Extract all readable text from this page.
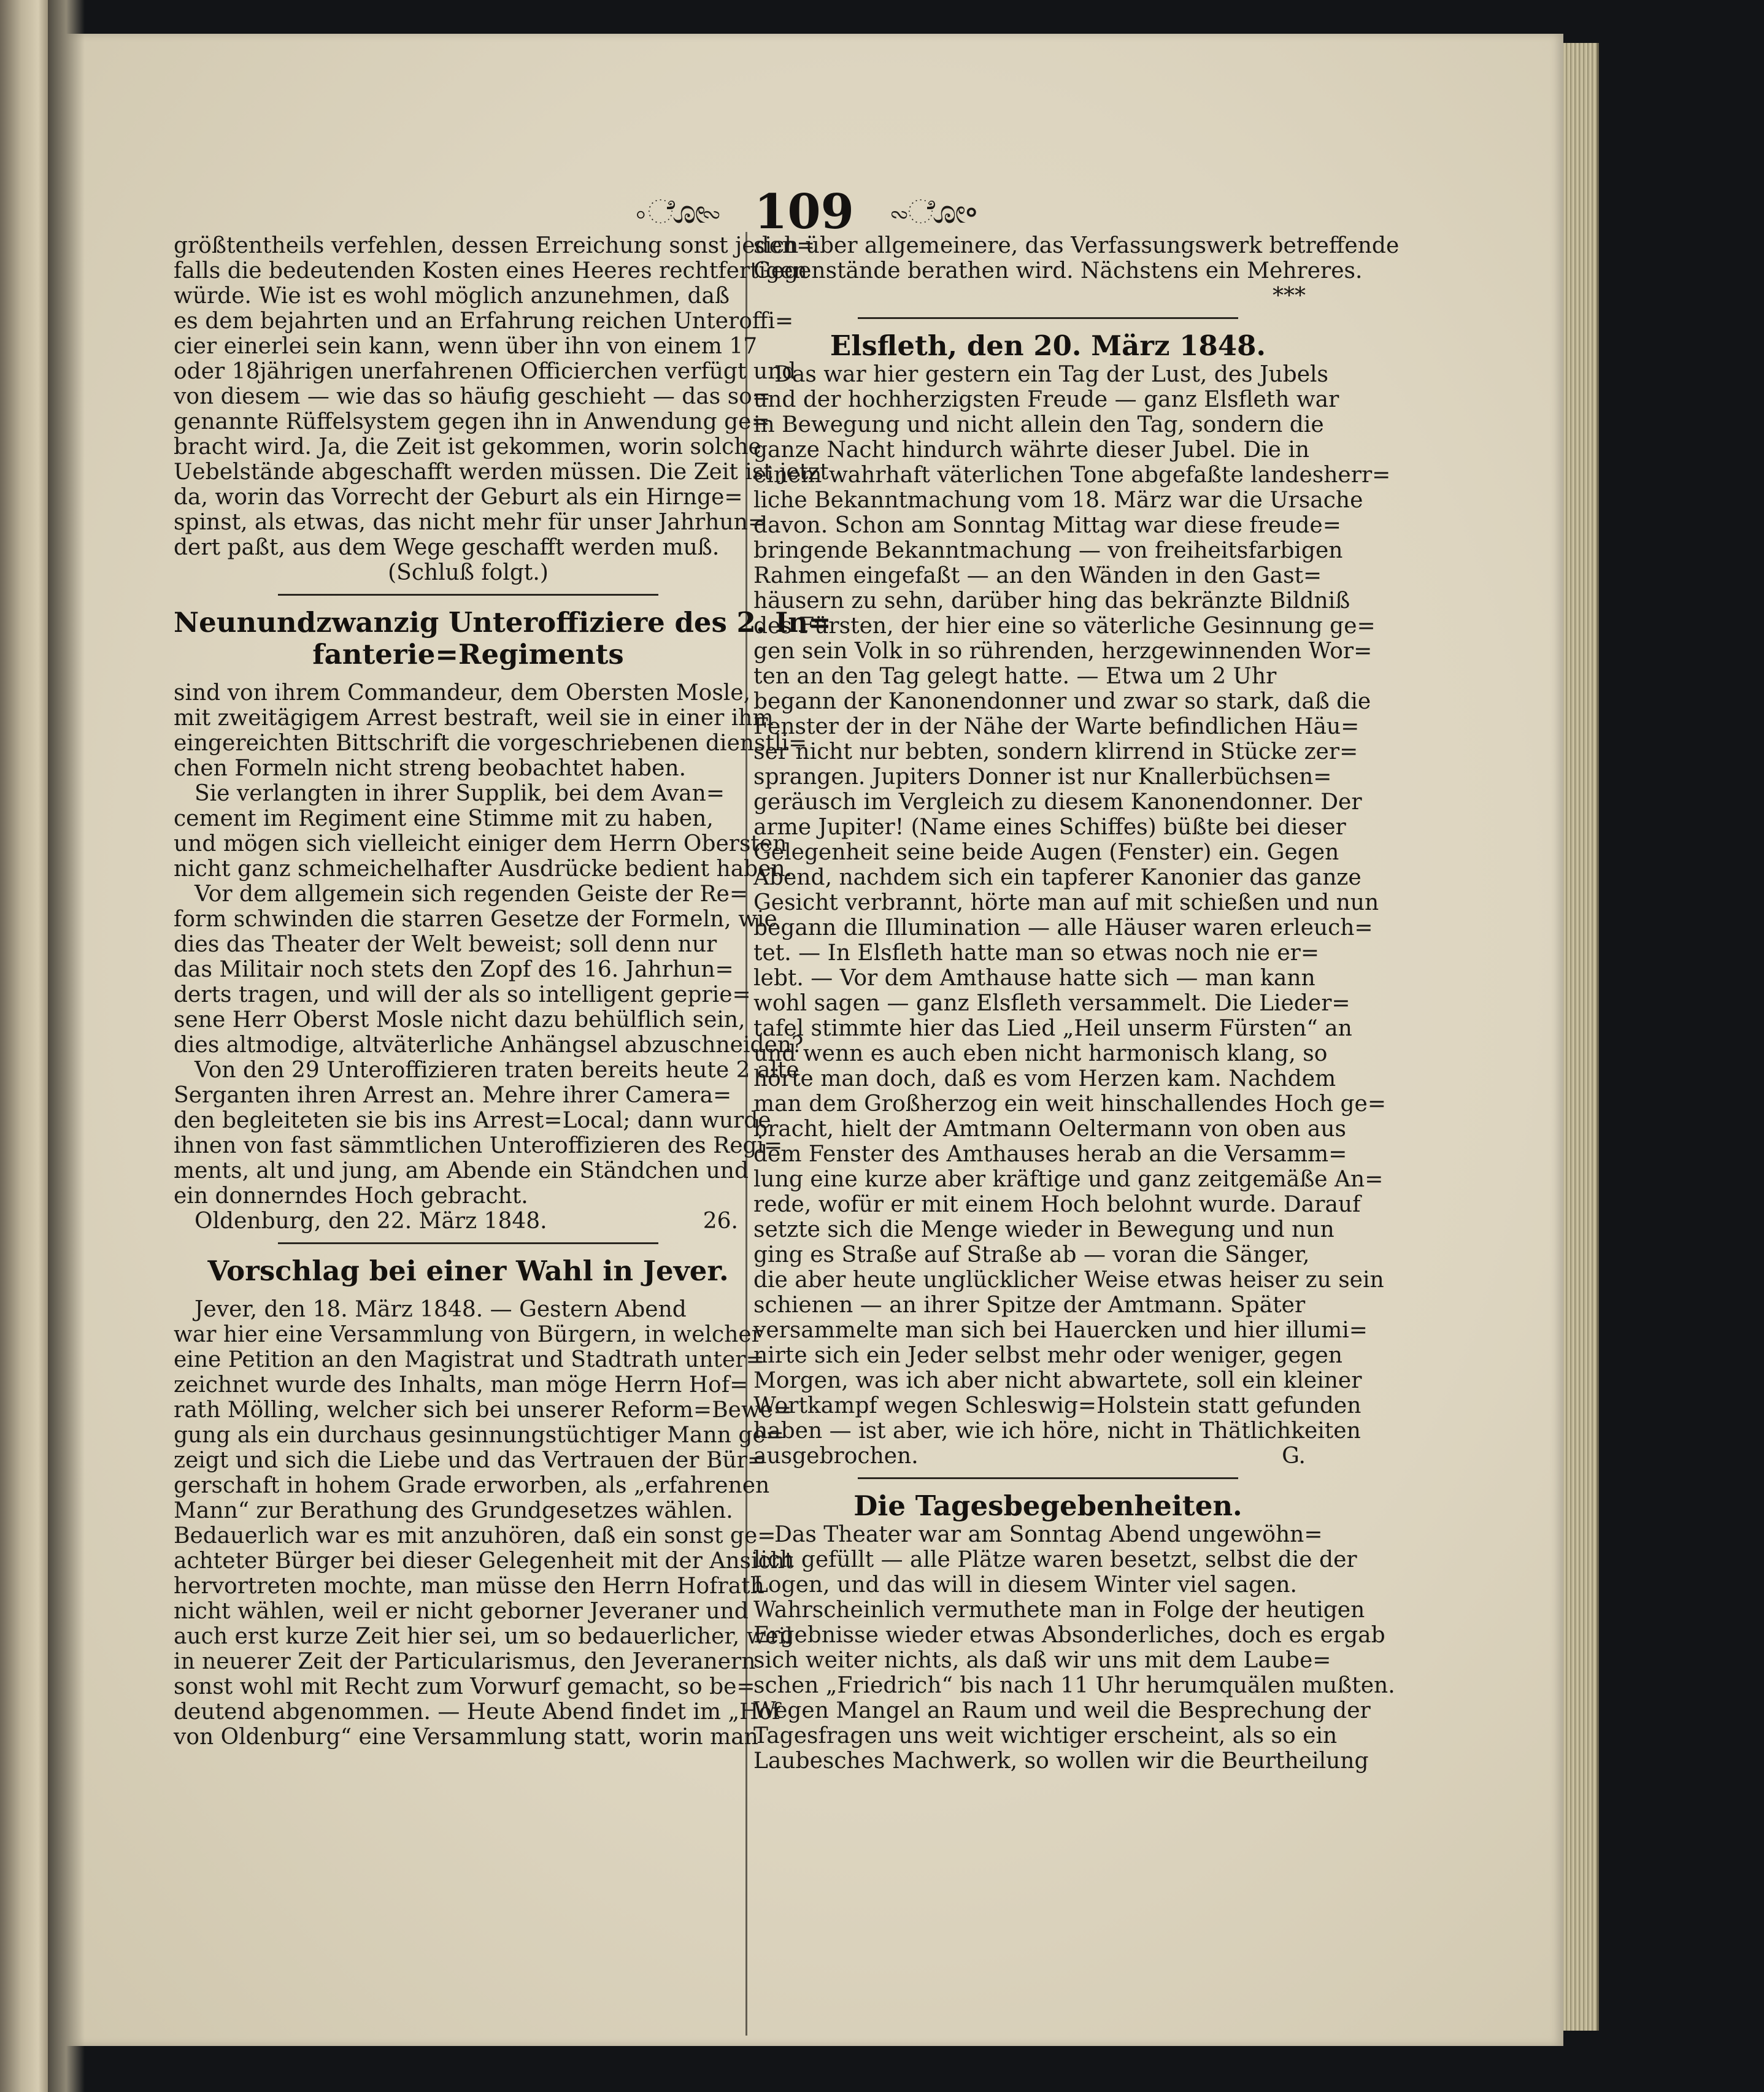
∘ೋ∾ 109 ∾ೋ∘
größtentheils verfehlen, dessen Erreichung sonst jeden=
falls die bedeutenden Kosten eines Heeres rechtfertigen
würde. Wie ist es wohl möglich anzunehmen, daß
es dem bejahrten und an Erfahrung reichen Unteroffi=
cier einerlei sein kann, wenn über ihn von einem 17
oder 18jährigen unerfahrenen Officierchen verfügt und
von diesem — wie das so häufig geschieht — das so=
genannte Rüffelsystem gegen ihn in Anwendung ge=
bracht wird. Ja, die Zeit ist gekommen, worin solche
Uebelstände abgeschafft werden müssen. Die Zeit ist jetzt
da, worin das Vorrecht der Geburt als ein Hirnge=
spinst, als etwas, das nicht mehr für unser Jahrhun=
dert paßt, aus dem Wege geschafft werden muß.
(Schluß folgt.)
Neunundzwanzig Unteroffiziere des 2. In=
fanterie=Regiments
sind von ihrem Commandeur, dem Obersten Mosle,
mit zweitägigem Arrest bestraft, weil sie in einer ihm
eingereichten Bittschrift die vorgeschriebenen dienstli=
chen Formeln nicht streng beobachtet haben.
Sie verlangten in ihrer Supplik, bei dem Avan=
cement im Regiment eine Stimme mit zu haben,
und mögen sich vielleicht einiger dem Herrn Obersten
nicht ganz schmeichelhafter Ausdrücke bedient haben.
Vor dem allgemein sich regenden Geiste der Re=
form schwinden die starren Gesetze der Formeln, wie
dies das Theater der Welt beweist; soll denn nur
das Militair noch stets den Zopf des 16. Jahrhun=
derts tragen, und will der als so intelligent geprie=
sene Herr Oberst Mosle nicht dazu behülflich sein,
dies altmodige, altväterliche Anhängsel abzuschneiden?
Von den 29 Unteroffizieren traten bereits heute 2 alte
Serganten ihren Arrest an. Mehre ihrer Camera=
den begleiteten sie bis ins Arrest=Local; dann wurde
ihnen von fast sämmtlichen Unteroffizieren des Regi=
ments, alt und jung, am Abende ein Ständchen und
ein donnerndes Hoch gebracht.
Oldenburg, den 22. März 1848.	26.
Vorschlag bei einer Wahl in Jever.
Jever, den 18. März 1848. — Gestern Abend
war hier eine Versammlung von Bürgern, in welcher
eine Petition an den Magistrat und Stadtrath unter=
zeichnet wurde des Inhalts, man möge Herrn Hof=
rath Mölling, welcher sich bei unserer Reform=Bewe=
gung als ein durchaus gesinnungstüchtiger Mann ge=
zeigt und sich die Liebe und das Vertrauen der Bür=
gerschaft in hohem Grade erworben, als „erfahrenen
Mann“ zur Berathung des Grundgesetzes wählen.
Bedauerlich war es mit anzuhören, daß ein sonst ge=
achteter Bürger bei dieser Gelegenheit mit der Ansicht
hervortreten mochte, man müsse den Herrn Hofrath
nicht wählen, weil er nicht geborner Jeveraner und
auch erst kurze Zeit hier sei, um so bedauerlicher, weil
in neuerer Zeit der Particularismus, den Jeveranern
sonst wohl mit Recht zum Vorwurf gemacht, so be=
deutend abgenommen. — Heute Abend findet im „Hof
von Oldenburg“ eine Versammlung statt, worin man
sich über allgemeinere, das Verfassungswerk betreffende
Gegenstände berathen wird. Nächstens ein Mehreres.
***
Elsfleth, den 20. März 1848.
Das war hier gestern ein Tag der Lust, des Jubels
und der hochherzigsten Freude — ganz Elsfleth war
in Bewegung und nicht allein den Tag, sondern die
ganze Nacht hindurch währte dieser Jubel. Die in
einem wahrhaft väterlichen Tone abgefaßte landesherr=
liche Bekanntmachung vom 18. März war die Ursache
davon. Schon am Sonntag Mittag war diese freude=
bringende Bekanntmachung — von freiheitsfarbigen
Rahmen eingefaßt — an den Wänden in den Gast=
häusern zu sehn, darüber hing das bekränzte Bildniß
des Fürsten, der hier eine so väterliche Gesinnung ge=
gen sein Volk in so rührenden, herzgewinnenden Wor=
ten an den Tag gelegt hatte. — Etwa um 2 Uhr
begann der Kanonendonner und zwar so stark, daß die
Fenster der in der Nähe der Warte befindlichen Häu=
ser nicht nur bebten, sondern klirrend in Stücke zer=
sprangen. Jupiters Donner ist nur Knallerbüchsen=
geräusch im Vergleich zu diesem Kanonendonner. Der
arme Jupiter! (Name eines Schiffes) büßte bei dieser
Gelegenheit seine beide Augen (Fenster) ein. Gegen
Abend, nachdem sich ein tapferer Kanonier das ganze
Gesicht verbrannt, hörte man auf mit schießen und nun
begann die Illumination — alle Häuser waren erleuch=
tet. — In Elsfleth hatte man so etwas noch nie er=
lebt. — Vor dem Amthause hatte sich — man kann
wohl sagen — ganz Elsfleth versammelt. Die Lieder=
tafel stimmte hier das Lied „Heil unserm Fürsten“ an
und wenn es auch eben nicht harmonisch klang, so
hörte man doch, daß es vom Herzen kam. Nachdem
man dem Großherzog ein weit hinschallendes Hoch ge=
bracht, hielt der Amtmann Oeltermann von oben aus
dem Fenster des Amthauses herab an die Versamm=
lung eine kurze aber kräftige und ganz zeitgemäße An=
rede, wofür er mit einem Hoch belohnt wurde. Darauf
setzte sich die Menge wieder in Bewegung und nun
ging es Straße auf Straße ab — voran die Sänger,
die aber heute unglücklicher Weise etwas heiser zu sein
schienen — an ihrer Spitze der Amtmann. Später
versammelte man sich bei Hauercken und hier illumi=
nirte sich ein Jeder selbst mehr oder weniger, gegen
Morgen, was ich aber nicht abwartete, soll ein kleiner
Wortkampf wegen Schleswig=Holstein statt gefunden
haben — ist aber, wie ich höre, nicht in Thätlichkeiten
ausgebrochen.	G.
Die Tagesbegebenheiten.
Das Theater war am Sonntag Abend ungewöhn=
lich gefüllt — alle Plätze waren besetzt, selbst die der
Logen, und das will in diesem Winter viel sagen.
Wahrscheinlich vermuthete man in Folge der heutigen
Ergebnisse wieder etwas Absonderliches, doch es ergab
sich weiter nichts, als daß wir uns mit dem Laube=
schen „Friedrich“ bis nach 11 Uhr herumquälen mußten.
Wegen Mangel an Raum und weil die Besprechung der
Tagesfragen uns weit wichtiger erscheint, als so ein
Laubesches Machwerk, so wollen wir die Beurtheilung
